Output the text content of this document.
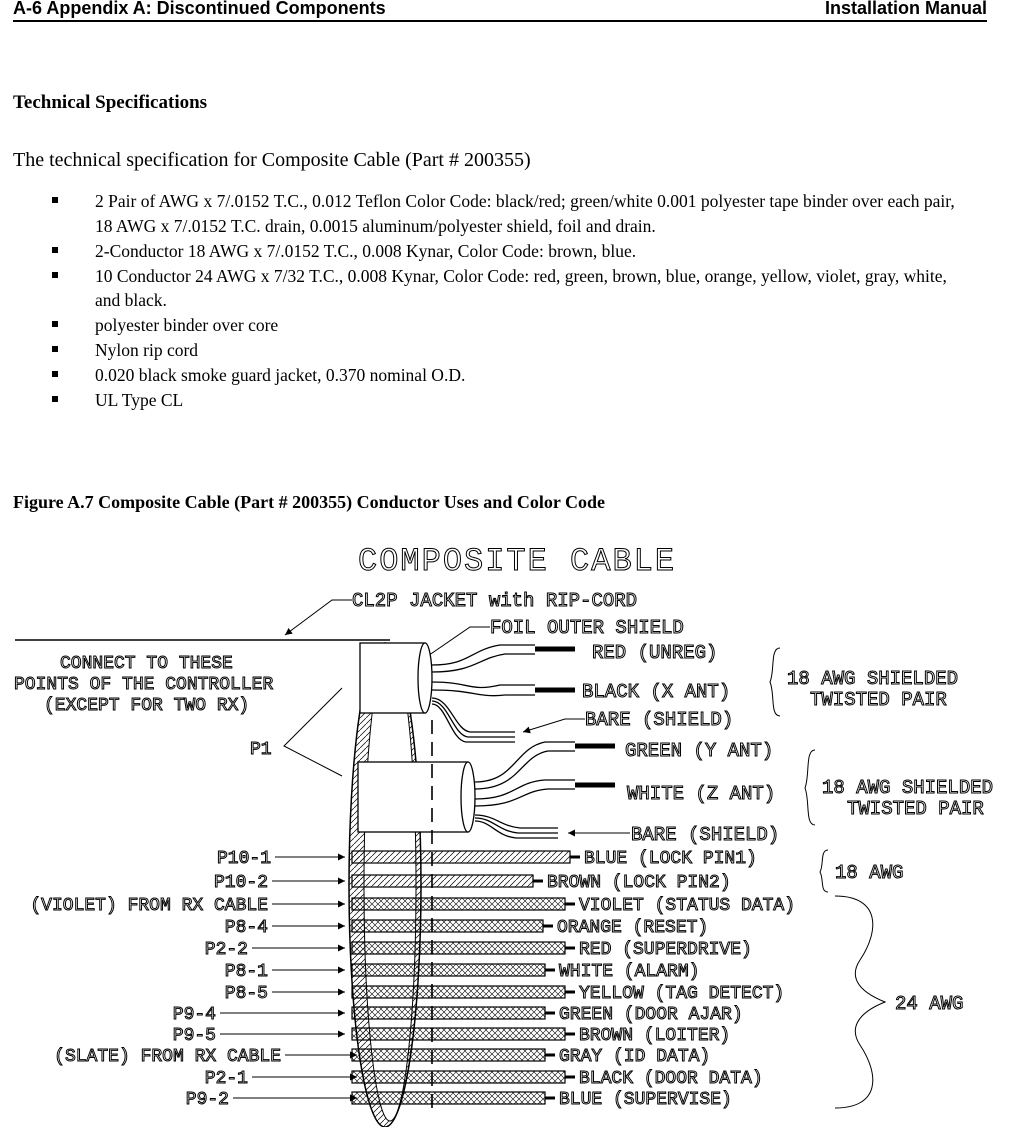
A-6 Appendix A: Discontinued Components	Installation Manual
Technical Specifications
The technical specification for Composite Cable (Part # 200355)
2 Pair of AWG x 7/.0152 T.C., 0.012 Teflon Color Code: black/red; green/white 0.001 polyester tape binder over each pair, 18 AWG x 7/.0152 T.C. drain, 0.0015 aluminum/polyester shield, foil and drain.
2-Conductor 18 AWG x 7/.0152 T.C., 0.008 Kynar, Color Code: brown, blue.
10 Conductor 24 AWG x 7/32 T.C., 0.008 Kynar, Color Code: red, green, brown, blue, orange, yellow, violet, gray, white, and black.
polyester binder over core
Nylon rip cord
0.020 black smoke guard jacket, 0.370 nominal O.D.
UL Type CL
Figure A.7 Composite Cable (Part # 200355) Conductor Uses and Color Code
COMPOSITE CABLE
CL2P JACKET with RIP-CORD
FOIL OUTER SHIELD
CONNECT TO THESE
POINTS OF THE CONTROLLER
(EXCEPT FOR TWO RX)
P1
RED (UNREG)
BLACK (X ANT)
BARE (SHIELD)
18 AWG SHIELDED
TWISTED PAIR
GREEN (Y ANT)
WHITE (Z ANT)
BARE (SHIELD)
18 AWG SHIELDED
TWISTED PAIR
P10-1	BLUE (LOCK PIN1)
P10-2	BROWN (LOCK PIN2)
(VIOLET) FROM RX CABLE	VIOLET (STATUS DATA)
P8-4	ORANGE (RESET)
P2-2	RED (SUPERDRIVE)
P8-1	WHITE (ALARM)
P8-5	YELLOW (TAG DETECT)
P9-4	GREEN (DOOR AJAR)
P9-5	BROWN (LOITER)
(SLATE) FROM RX CABLE	GRAY (ID DATA)
P2-1	BLACK (DOOR DATA)
P9-2	BLUE (SUPERVISE)
18 AWG
24 AWG
